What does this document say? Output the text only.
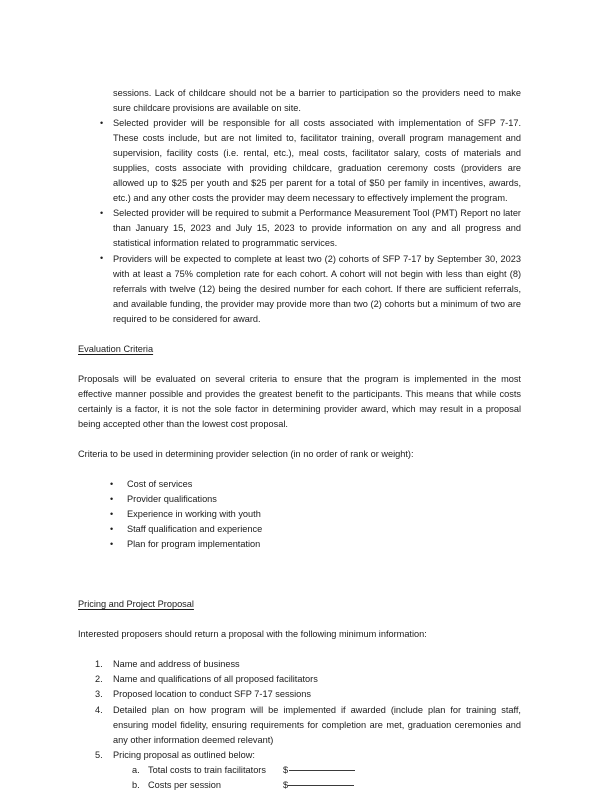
sessions. Lack of childcare should not be a barrier to participation so the providers need to make sure childcare provisions are available on site.

• Selected provider will be responsible for all costs associated with implementation of SFP 7-17. These costs include, but are not limited to, facilitator training, overall program management and supervision, facility costs (i.e. rental, etc.), meal costs, facilitator salary, costs of materials and supplies, costs associate with providing childcare, graduation ceremony costs (providers are allowed up to $25 per youth and $25 per parent for a total of $50 per family in incentives, awards, etc.) and any other costs the provider may deem necessary to effectively implement the program.
• Selected provider will be required to submit a Performance Measurement Tool (PMT) Report no later than January 15, 2023 and July 15, 2023 to provide information on any and all progress and statistical information related to programmatic services.
• Providers will be expected to complete at least two (2) cohorts of SFP 7-17 by September 30, 2023 with at least a 75% completion rate for each cohort. A cohort will not begin with less than eight (8) referrals with twelve (12) being the desired number for each cohort. If there are sufficient referrals, and available funding, the provider may provide more than two (2) cohorts but a minimum of two are required to be considered for award.

Evaluation Criteria

Proposals will be evaluated on several criteria to ensure that the program is implemented in the most effective manner possible and provides the greatest benefit to the participants. This means that while costs certainly is a factor, it is not the sole factor in determining provider award, which may result in a proposal being accepted other than the lowest cost proposal.

Criteria to be used in determining provider selection (in no order of rank or weight):

• Cost of services
• Provider qualifications
• Experience in working with youth
• Staff qualification and experience
• Plan for program implementation

Pricing and Project Proposal

Interested proposers should return a proposal with the following minimum information:

Name and address of business
Name and qualifications of all proposed facilitators
Proposed location to conduct SFP 7-17 sessions
Detailed plan on how program will be implemented if awarded (include plan for training staff, ensuring model fidelity, ensuring requirements for completion are met, graduation ceremonies and any other information deemed relevant)
Pricing proposal as outlined below:
Total costs to train facilitators $
Costs per session	$
